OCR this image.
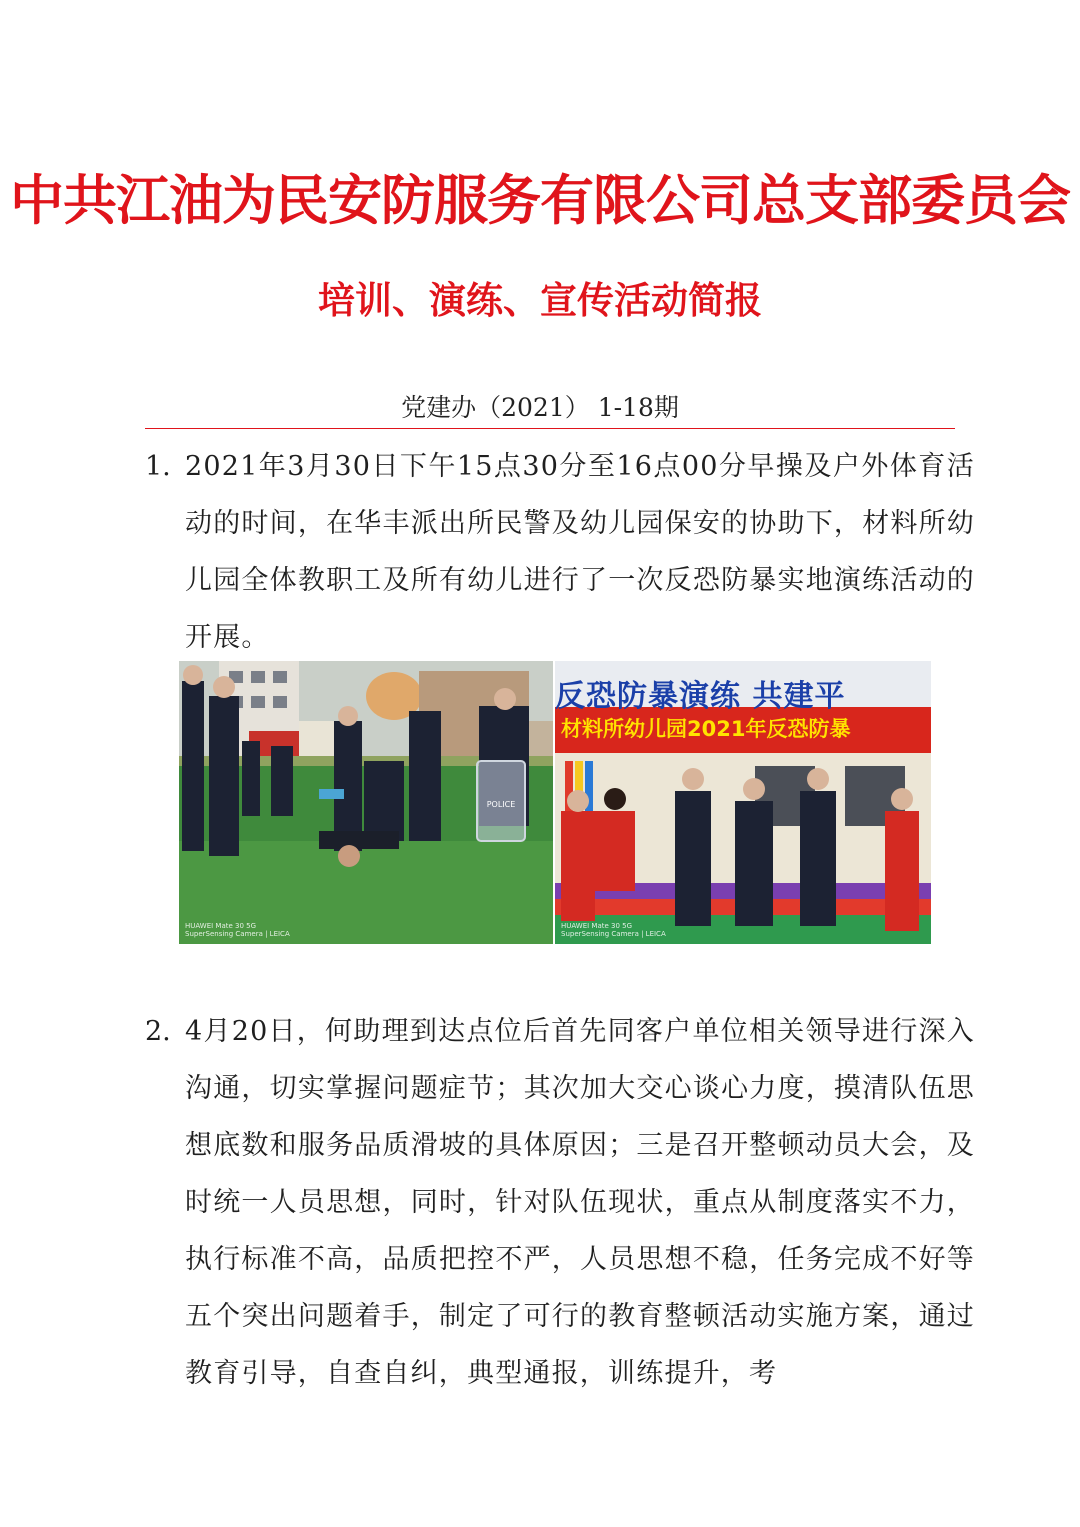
中共江油为民安防服务有限公司总支部委员会
培训、演练、宣传活动简报
党建办（2021） 1-18期
1. 2021年3月30日下午15点30分至16点00分早操及户外体育活动的时间，在华丰派出所民警及幼儿园保安的协助下，材料所幼儿园全体教职工及所有幼儿进行了一次反恐防暴实地演练活动的开展。
POLICE
HUAWEI Mate 30 5G
SuperSensing Camera | LEICA
反恐防暴演练 共建平
材料所幼儿园2021年反恐防暴
HUAWEI Mate 30 5G
SuperSensing Camera | LEICA
2. 4月20日，何助理到达点位后首先同客户单位相关领导进行深入沟通，切实掌握问题症节；其次加大交心谈心力度，摸清队伍思想底数和服务品质滑坡的具体原因；三是召开整顿动员大会，及时统一人员思想，同时，针对队伍现状，重点从制度落实不力，执行标准不高，品质把控不严，人员思想不稳，任务完成不好等五个突出问题着手，制定了可行的教育整顿活动实施方案，通过教育引导，自查自纠，典型通报，训练提升，考
